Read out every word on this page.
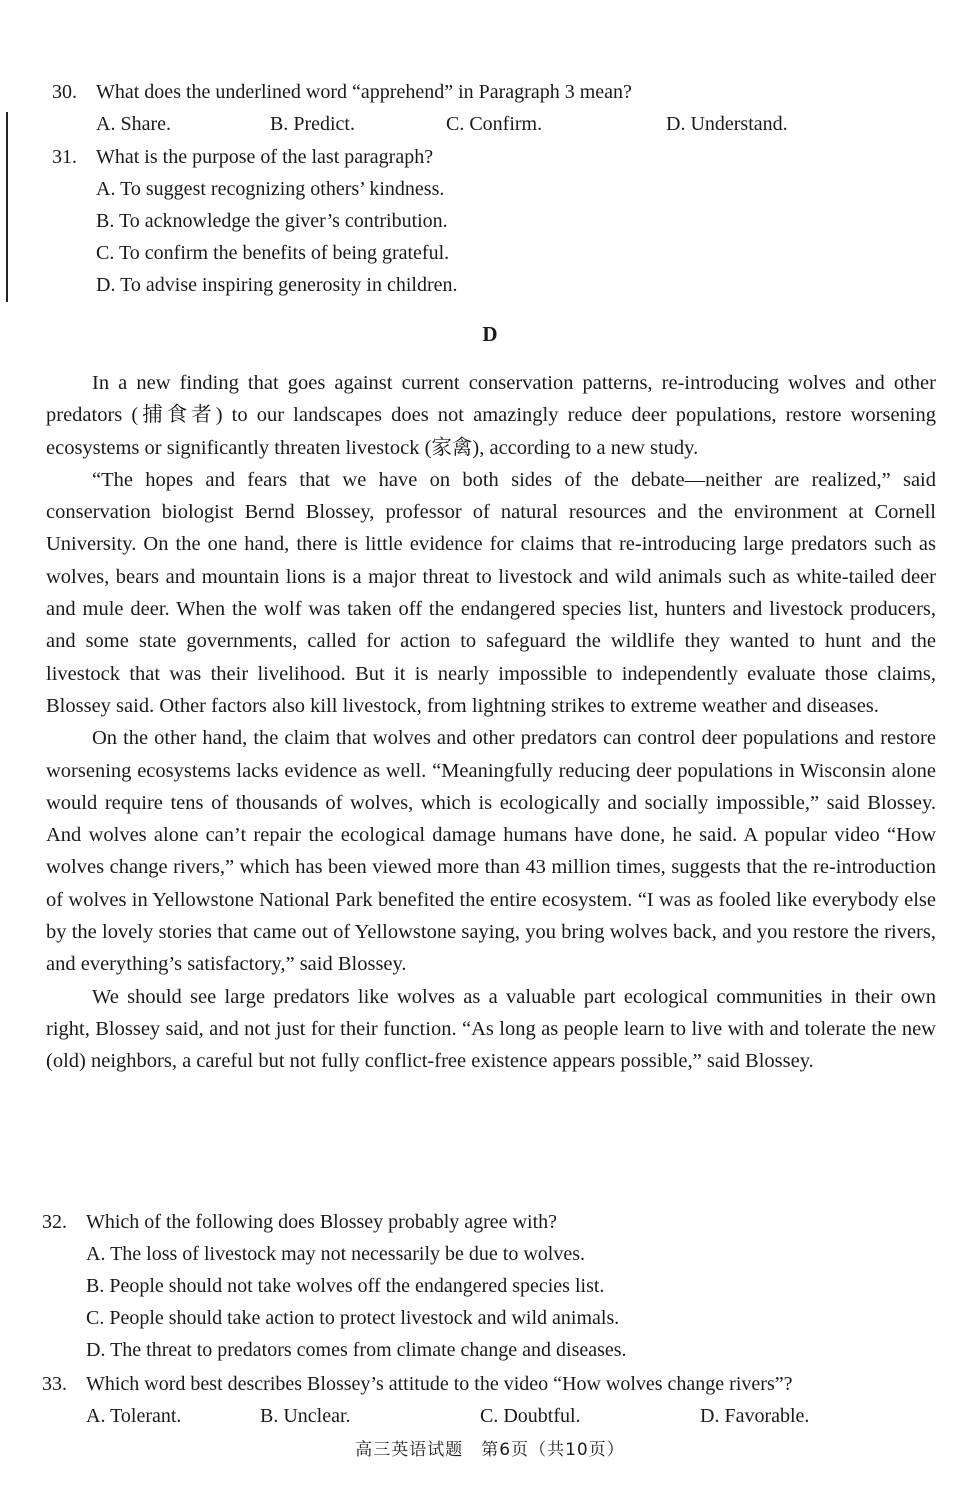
30. What does the underlined word “apprehend” in Paragraph 3 mean?
A. Share.	B. Predict.	C. Confirm.	D. Understand.
31. What is the purpose of the last paragraph?
A. To suggest recognizing others’ kindness.
B. To acknowledge the giver’s contribution.
C. To confirm the benefits of being grateful.
D. To advise inspiring generosity in children.
D

In a new finding that goes against current conservation patterns, re-introducing wolves and other predators (捕食者) to our landscapes does not amazingly reduce deer populations, restore worsening ecosystems or significantly threaten livestock (家禽), according to a new study.

“The hopes and fears that we have on both sides of the debate—neither are realized,” said conservation biologist Bernd Blossey, professor of natural resources and the environment at Cornell University. On the one hand, there is little evidence for claims that re-introducing large predators such as wolves, bears and mountain lions is a major threat to livestock and wild animals such as white-tailed deer and mule deer. When the wolf was taken off the endangered species list, hunters and livestock producers, and some state governments, called for action to safeguard the wildlife they wanted to hunt and the livestock that was their livelihood. But it is nearly impossible to independently evaluate those claims, Blossey said. Other factors also kill livestock, from lightning strikes to extreme weather and diseases.

On the other hand, the claim that wolves and other predators can control deer populations and restore worsening ecosystems lacks evidence as well. “Meaningfully reducing deer populations in Wisconsin alone would require tens of thousands of wolves, which is ecologically and socially impossible,” said Blossey. And wolves alone can’t repair the ecological damage humans have done, he said. A popular video “How wolves change rivers,” which has been viewed more than 43 million times, suggests that the re-introduction of wolves in Yellowstone National Park benefited the entire ecosystem. “I was as fooled like everybody else by the lovely stories that came out of Yellowstone saying, you bring wolves back, and you restore the rivers, and everything’s satisfactory,” said Blossey.

We should see large predators like wolves as a valuable part ecological communities in their own right, Blossey said, and not just for their function. “As long as people learn to live with and tolerate the new (old) neighbors, a careful but not fully conflict-free existence appears possible,” said Blossey.

32. Which of the following does Blossey probably agree with?
A. The loss of livestock may not necessarily be due to wolves.
B. People should not take wolves off the endangered species list.
C. People should take action to protect livestock and wild animals.
D. The threat to predators comes from climate change and diseases.
33. Which word best describes Blossey’s attitude to the video “How wolves change rivers”?
A. Tolerant.	B. Unclear.	C. Doubtful.	D. Favorable.
高三英语试题　第6页（共10页）
